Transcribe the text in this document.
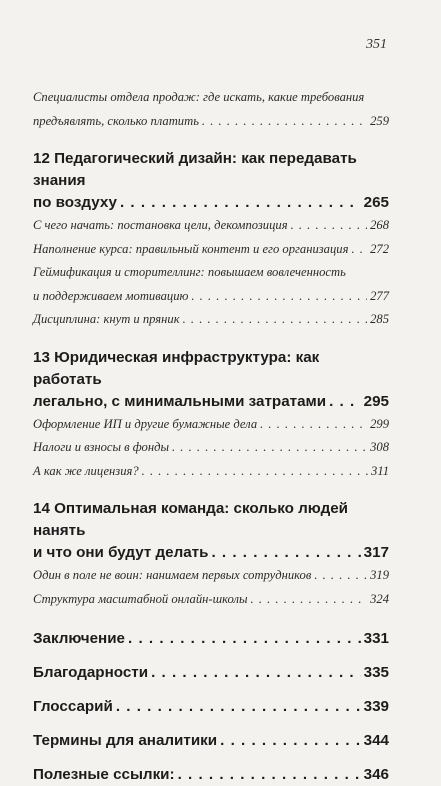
351
Специалисты отдела продаж: где искать, какие требования
предъявлять, сколько платить . . .	259
12 Педагогический дизайн: как передавать знания
по воздуху . . .	265
С чего начать: постановка цели, декомпозиция . . .	268
Наполнение курса: правильный контент и его организация . . . 272
Геймификация и сторителлинг: повышаем вовлеченность
и поддерживаем мотивацию . . .	277
Дисциплина: кнут и пряник . . .	285
13 Юридическая инфраструктура: как работать
легально, с минимальными затратами . . . 295
Оформление ИП и другие бумажные дела . . .	299
Налоги и взносы в фонды . . .	308
А как же лицензия? . . .	311
14 Оптимальная команда: сколько людей нанять
и что они будут делать . . .	317
Один в поле не воин: нанимаем первых сотрудников . . .	319
Структура масштабной онлайн-школы . . .	324
Заключение . . .	331
Благодарности . . .	335
Глоссарий . . .	339
Термины для аналитики . . .	344
Полезные ссылки: . . .	346
